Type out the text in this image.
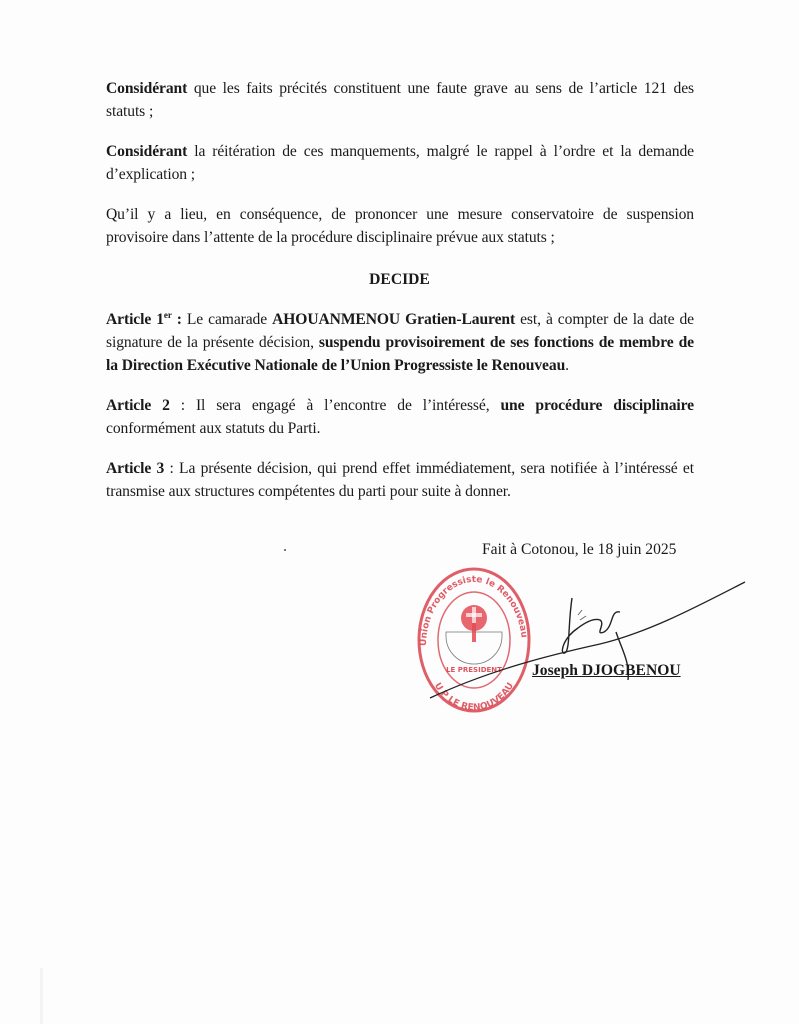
Considérant que les faits précités constituent une faute grave au sens de l’article 121 des statuts ;
Considérant la réitération de ces manquements, malgré le rappel à l’ordre et la demande d’explication ;
Qu’il y a lieu, en conséquence, de prononcer une mesure conservatoire de suspension provisoire dans l’attente de la procédure disciplinaire prévue aux statuts ;
DECIDE
Article 1er : Le camarade AHOUANMENOU Gratien-Laurent est, à compter de la date de signature de la présente décision, suspendu provisoirement de ses fonctions de membre de la Direction Exécutive Nationale de l’Union Progressiste le Renouveau.
Article 2 : Il sera engagé à l’encontre de l’intéressé, une procédure disciplinaire conformément aux statuts du Parti.
Article 3 : La présente décision, qui prend effet immédiatement, sera notifiée à l’intéressé et transmise aux structures compétentes du parti pour suite à donner.
Fait à Cotonou, le 18 juin 2025
Union Progressiste le Renouveau
U P LE RENOUVEAU
LE PRESIDENT Joseph DJOGBENOU
